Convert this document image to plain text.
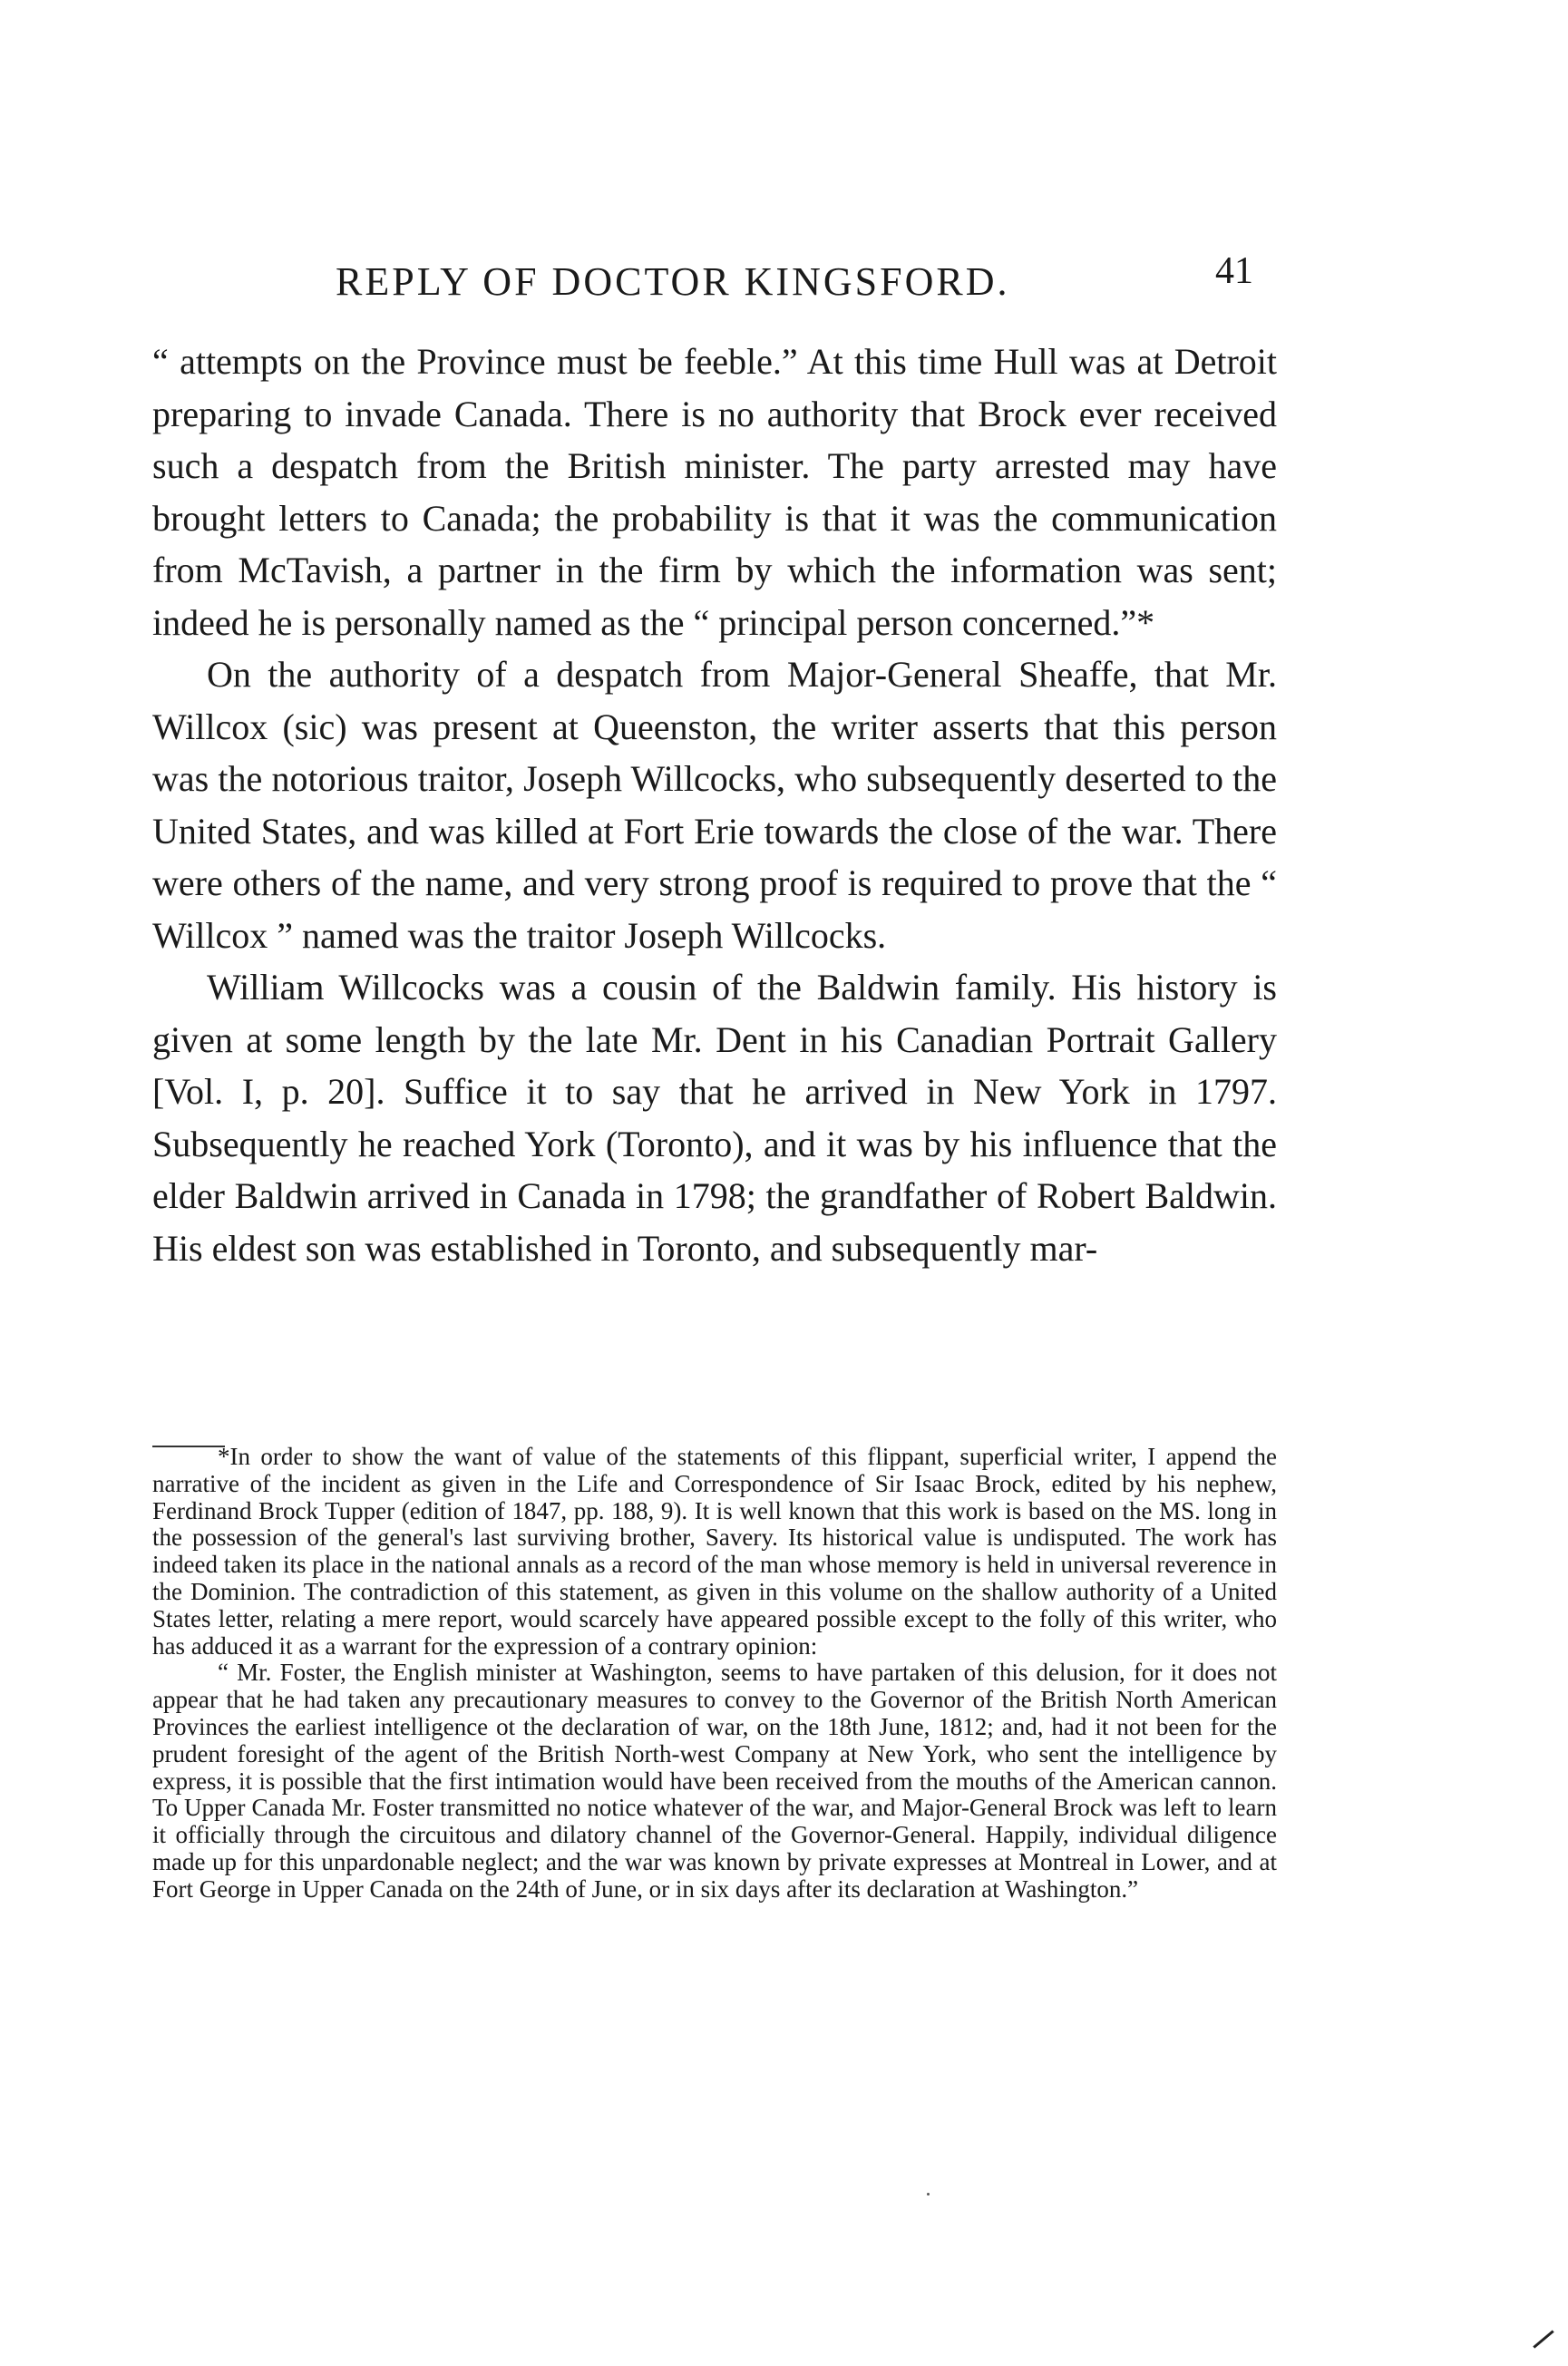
REPLY OF DOCTOR KINGSFORD.	41

“ attempts on the Province must be feeble.” At this time Hull was at Detroit preparing to invade Canada. There is no authority that Brock ever received such a despatch from the British minister. The party arrested may have brought letters to Canada; the probability is that it was the communication from McTavish, a partner in the firm by which the information was sent; indeed he is personally named as the “ principal person concerned.”*

On the authority of a despatch from Major-General Sheaffe, that Mr. Willcox (sic) was present at Queenston, the writer asserts that this person was the notorious traitor, Joseph Willcocks, who subsequently deserted to the United States, and was killed at Fort Erie towards the close of the war. There were others of the name, and very strong proof is required to prove that the “ Willcox ” named was the traitor Joseph Willcocks.

William Willcocks was a cousin of the Baldwin family. His history is given at some length by the late Mr. Dent in his Canadian Portrait Gallery [Vol. I, p. 20]. Suffice it to say that he arrived in New York in 1797. Subsequently he reached York (Toronto), and it was by his influence that the elder Baldwin arrived in Canada in 1798; the grandfather of Robert Baldwin. His eldest son was established in Toronto, and subsequently mar-

*In order to show the want of value of the statements of this flippant, superficial writer, I append the narrative of the incident as given in the Life and Correspondence of Sir Isaac Brock, edited by his nephew, Ferdinand Brock Tupper (edition of 1847, pp. 188, 9). It is well known that this work is based on the MS. long in the possession of the general's last surviving brother, Savery. Its historical value is undisputed. The work has indeed taken its place in the national annals as a record of the man whose memory is held in universal reverence in the Dominion. The contradiction of this statement, as given in this volume on the shallow authority of a United States letter, relating a mere report, would scarcely have appeared possible except to the folly of this writer, who has adduced it as a warrant for the expression of a contrary opinion:

“ Mr. Foster, the English minister at Washington, seems to have partaken of this delusion, for it does not appear that he had taken any precautionary measures to convey to the Governor of the British North American Provinces the earliest intelligence ot the declaration of war, on the 18th June, 1812; and, had it not been for the prudent foresight of the agent of the British North-west Company at New York, who sent the intelligence by express, it is possible that the first intimation would have been received from the mouths of the American cannon. To Upper Canada Mr. Foster transmitted no notice whatever of the war, and Major-General Brock was left to learn it officially through the circuitous and dilatory channel of the Governor-General. Happily, individual diligence made up for this unpardonable neglect; and the war was known by private expresses at Montreal in Lower, and at Fort George in Upper Canada on the 24th of June, or in six days after its declaration at Washington.”
